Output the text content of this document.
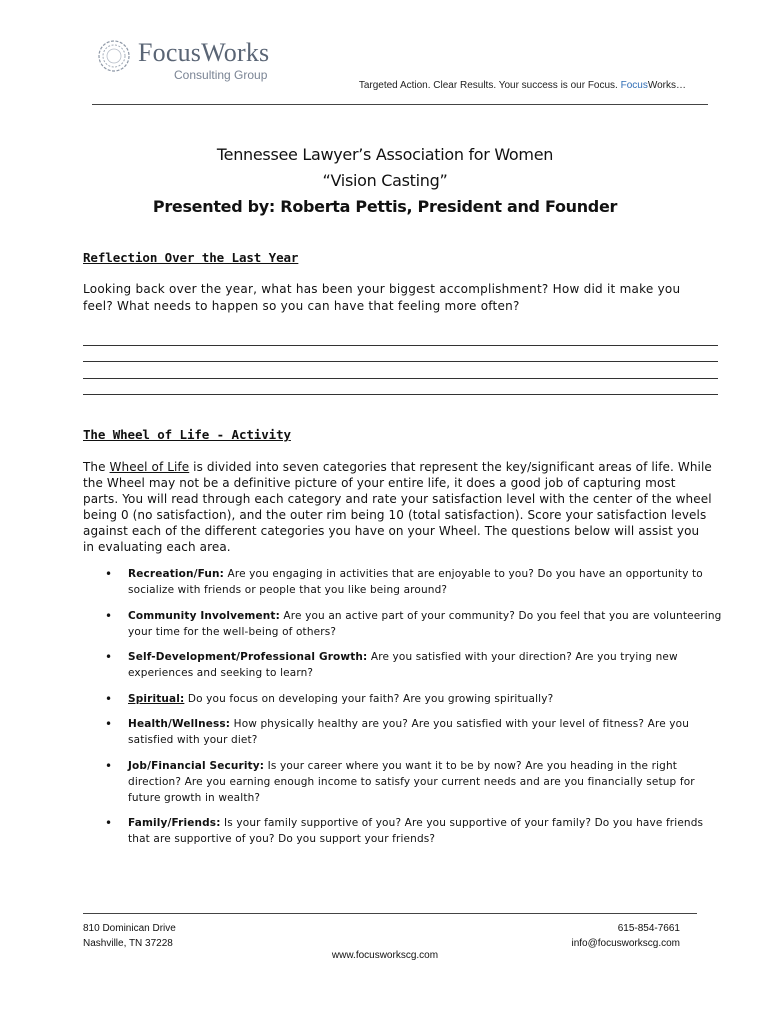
FocusWorks
Consulting Group
Targeted Action. Clear Results. Your success is our Focus. FocusWorks…
Tennessee Lawyer’s Association for Women
“Vision Casting”
Presented by: Roberta Pettis, President and Founder
Reflection Over the Last Year
Looking back over the year, what has been your biggest accomplishment? How did it make you feel? What needs to happen so you can have that feeling more often?
The Wheel of Life - Activity
The Wheel of Life is divided into seven categories that represent the key/significant areas of life. While the Wheel may not be a definitive picture of your entire life, it does a good job of capturing most parts. You will read through each category and rate your satisfaction level with the center of the wheel being 0 (no satisfaction), and the outer rim being 10 (total satisfaction). Score your satisfaction levels against each of the different categories you have on your Wheel. The questions below will assist you in evaluating each area.
• Recreation/Fun: Are you engaging in activities that are enjoyable to you? Do you have an opportunity to socialize with friends or people that you like being around?
• Community Involvement: Are you an active part of your community? Do you feel that you are volunteering your time for the well-being of others?
• Self-Development/Professional Growth: Are you satisfied with your direction? Are you trying new experiences and seeking to learn?
• Spiritual: Do you focus on developing your faith? Are you growing spiritually?
• Health/Wellness: How physically healthy are you? Are you satisfied with your level of fitness? Are you satisfied with your diet?
• Job/Financial Security: Is your career where you want it to be by now? Are you heading in the right direction? Are you earning enough income to satisfy your current needs and are you financially setup for future growth in wealth?
• Family/Friends: Is your family supportive of you? Are you supportive of your family? Do you have friends that are supportive of you? Do you support your friends?
810 Dominican Drive
Nashville, TN 37228
615-854-7661
info@focusworkscg.com
www.focusworkscg.com
